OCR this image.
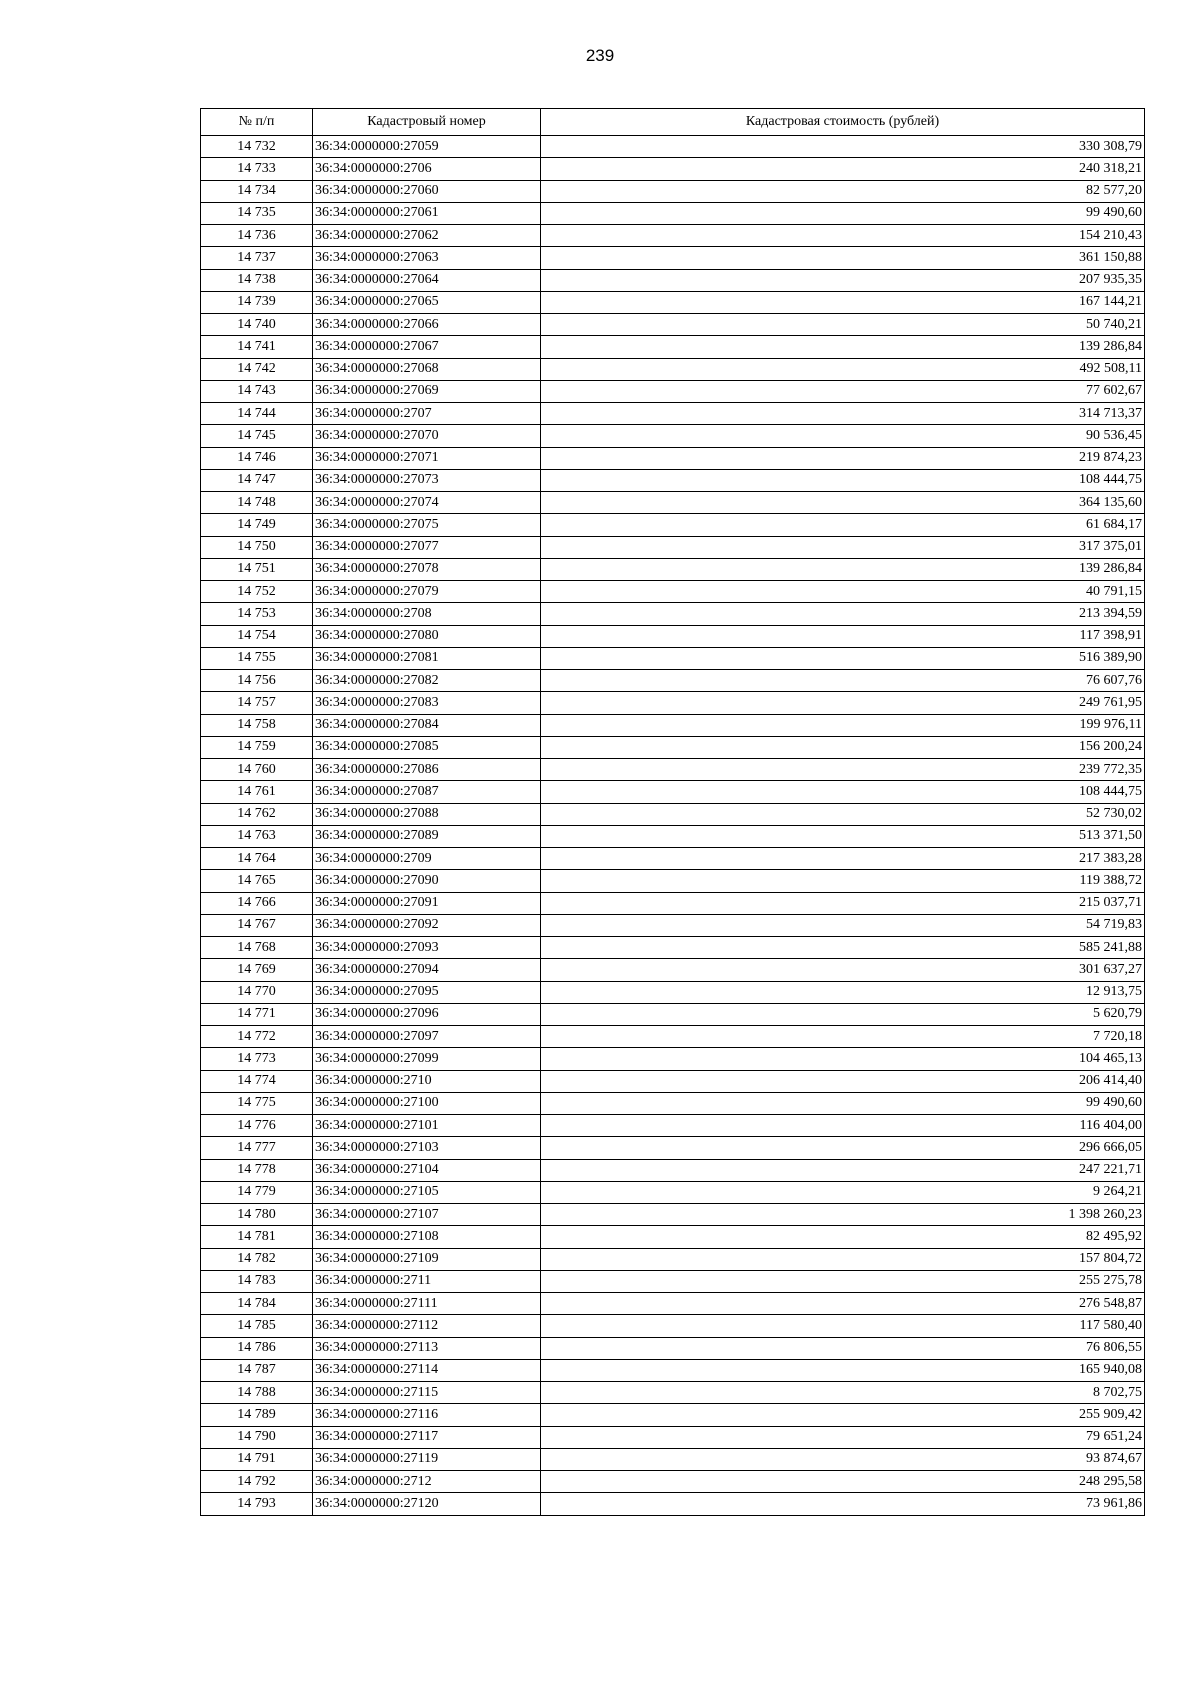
239
№ п/п	Кадастровый номер	Кадастровая стоимость (рублей)
14 732	36:34:0000000:27059	330 308,79
14 733	36:34:0000000:2706	240 318,21
14 734	36:34:0000000:27060	82 577,20
14 735	36:34:0000000:27061	99 490,60
14 736	36:34:0000000:27062	154 210,43
14 737	36:34:0000000:27063	361 150,88
14 738	36:34:0000000:27064	207 935,35
14 739	36:34:0000000:27065	167 144,21
14 740	36:34:0000000:27066	50 740,21
14 741	36:34:0000000:27067	139 286,84
14 742	36:34:0000000:27068	492 508,11
14 743	36:34:0000000:27069	77 602,67
14 744	36:34:0000000:2707	314 713,37
14 745	36:34:0000000:27070	90 536,45
14 746	36:34:0000000:27071	219 874,23
14 747	36:34:0000000:27073	108 444,75
14 748	36:34:0000000:27074	364 135,60
14 749	36:34:0000000:27075	61 684,17
14 750	36:34:0000000:27077	317 375,01
14 751	36:34:0000000:27078	139 286,84
14 752	36:34:0000000:27079	40 791,15
14 753	36:34:0000000:2708	213 394,59
14 754	36:34:0000000:27080	117 398,91
14 755	36:34:0000000:27081	516 389,90
14 756	36:34:0000000:27082	76 607,76
14 757	36:34:0000000:27083	249 761,95
14 758	36:34:0000000:27084	199 976,11
14 759	36:34:0000000:27085	156 200,24
14 760	36:34:0000000:27086	239 772,35
14 761	36:34:0000000:27087	108 444,75
14 762	36:34:0000000:27088	52 730,02
14 763	36:34:0000000:27089	513 371,50
14 764	36:34:0000000:2709	217 383,28
14 765	36:34:0000000:27090	119 388,72
14 766	36:34:0000000:27091	215 037,71
14 767	36:34:0000000:27092	54 719,83
14 768	36:34:0000000:27093	585 241,88
14 769	36:34:0000000:27094	301 637,27
14 770	36:34:0000000:27095	12 913,75
14 771	36:34:0000000:27096	5 620,79
14 772	36:34:0000000:27097	7 720,18
14 773	36:34:0000000:27099	104 465,13
14 774	36:34:0000000:2710	206 414,40
14 775	36:34:0000000:27100	99 490,60
14 776	36:34:0000000:27101	116 404,00
14 777	36:34:0000000:27103	296 666,05
14 778	36:34:0000000:27104	247 221,71
14 779	36:34:0000000:27105	9 264,21
14 780	36:34:0000000:27107	1 398 260,23
14 781	36:34:0000000:27108	82 495,92
14 782	36:34:0000000:27109	157 804,72
14 783	36:34:0000000:2711	255 275,78
14 784	36:34:0000000:27111	276 548,87
14 785	36:34:0000000:27112	117 580,40
14 786	36:34:0000000:27113	76 806,55
14 787	36:34:0000000:27114	165 940,08
14 788	36:34:0000000:27115	8 702,75
14 789	36:34:0000000:27116	255 909,42
14 790	36:34:0000000:27117	79 651,24
14 791	36:34:0000000:27119	93 874,67
14 792	36:34:0000000:2712	248 295,58
14 793	36:34:0000000:27120	73 961,86
